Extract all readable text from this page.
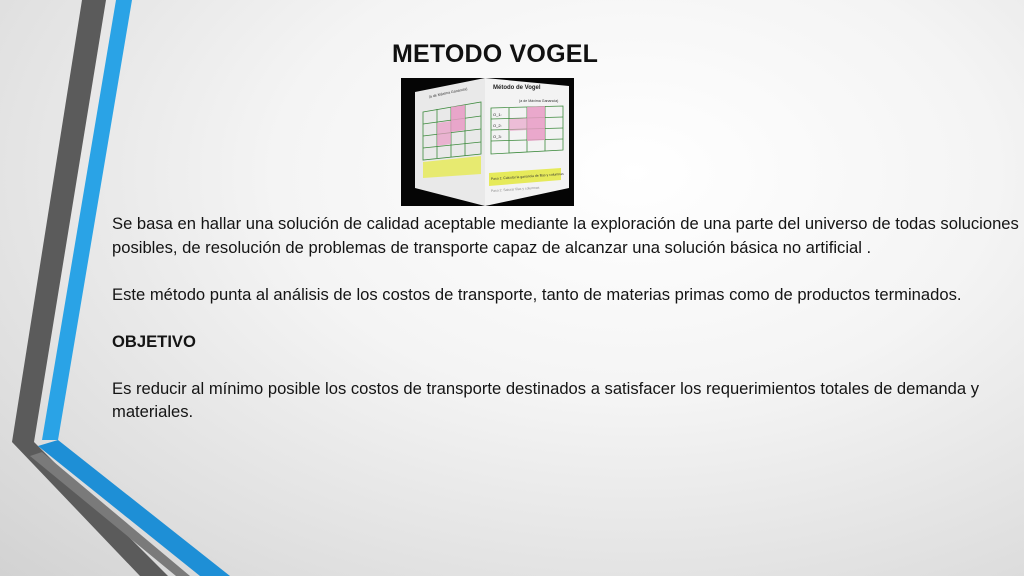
METODO VOGEL
Método de Vogel
(a de Máxima Ganancia)
(a de Máxima Ganancia)
O_1:
O_2:
O_3:
Paso 1: Calcular la ganancia de filas y columnas
Paso 2: Saturar filas y columnas

Se basa en hallar una solución de calidad aceptable mediante la exploración de una parte del universo de todas soluciones posibles, de resolución de problemas de transporte capaz de alcanzar una solución básica no artificial .

Este método punta al análisis de los costos de transporte, tanto de materias primas como de productos terminados.

OBJETIVO

Es reducir al mínimo posible los costos de transporte destinados a satisfacer los requerimientos totales de demanda y materiales.
